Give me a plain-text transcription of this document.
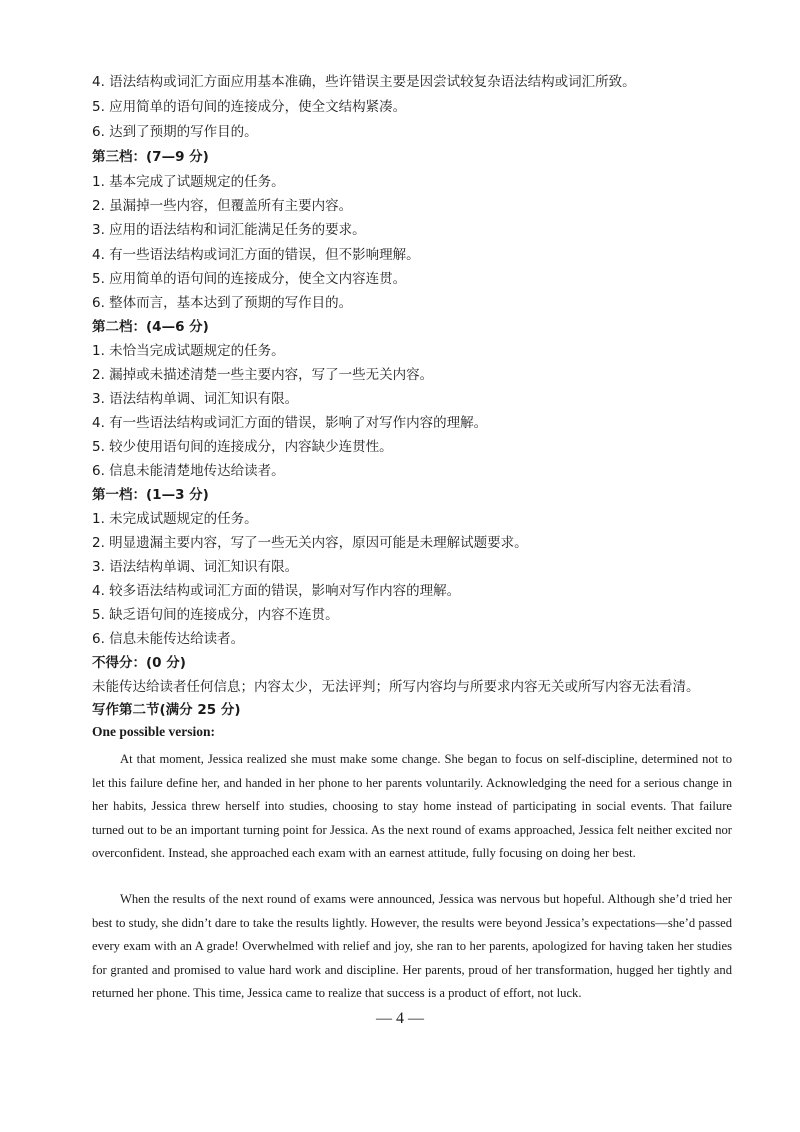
4. 语法结构或词汇方面应用基本准确，些许错误主要是因尝试较复杂语法结构或词汇所致。
5. 应用简单的语句间的连接成分，使全文结构紧凑。
6. 达到了预期的写作目的。
第三档：(7—9 分)
1. 基本完成了试题规定的任务。
2. 虽漏掉一些内容，但覆盖所有主要内容。
3. 应用的语法结构和词汇能满足任务的要求。
4. 有一些语法结构或词汇方面的错误，但不影响理解。
5. 应用简单的语句间的连接成分，使全文内容连贯。
6. 整体而言，基本达到了预期的写作目的。
第二档：(4—6 分)
1. 未恰当完成试题规定的任务。
2. 漏掉或未描述清楚一些主要内容，写了一些无关内容。
3. 语法结构单调、词汇知识有限。
4. 有一些语法结构或词汇方面的错误，影响了对写作内容的理解。
5. 较少使用语句间的连接成分，内容缺少连贯性。
6. 信息未能清楚地传达给读者。
第一档：(1—3 分)
1. 未完成试题规定的任务。
2. 明显遗漏主要内容，写了一些无关内容，原因可能是未理解试题要求。
3. 语法结构单调、词汇知识有限。
4. 较多语法结构或词汇方面的错误，影响对写作内容的理解。
5. 缺乏语句间的连接成分，内容不连贯。
6. 信息未能传达给读者。
不得分：(0 分)
未能传达给读者任何信息；内容太少，无法评判；所写内容均与所要求内容无关或所写内容无法看清。
写作第二节(满分 25 分)
One possible version:

At that moment, Jessica realized she must make some change. She began to focus on self-discipline, determined not to let this failure define her, and handed in her phone to her parents voluntarily. Acknowledging the need for a serious change in her habits, Jessica threw herself into studies, choosing to stay home instead of participating in social events. That failure turned out to be an important turning point for Jessica. As the next round of exams approached, Jessica felt neither excited nor overconfident. Instead, she approached each exam with an earnest attitude, fully focusing on doing her best.

When the results of the next round of exams were announced, Jessica was nervous but hopeful. Although she’d tried her best to study, she didn’t dare to take the results lightly. However, the results were beyond Jessica’s expectations—she’d passed every exam with an A grade! Overwhelmed with relief and joy, she ran to her parents, apologized for having taken her studies for granted and promised to value hard work and discipline. Her parents, proud of her transformation, hugged her tightly and returned her phone. This time, Jessica came to realize that success is a product of effort, not luck.

— 4 —
